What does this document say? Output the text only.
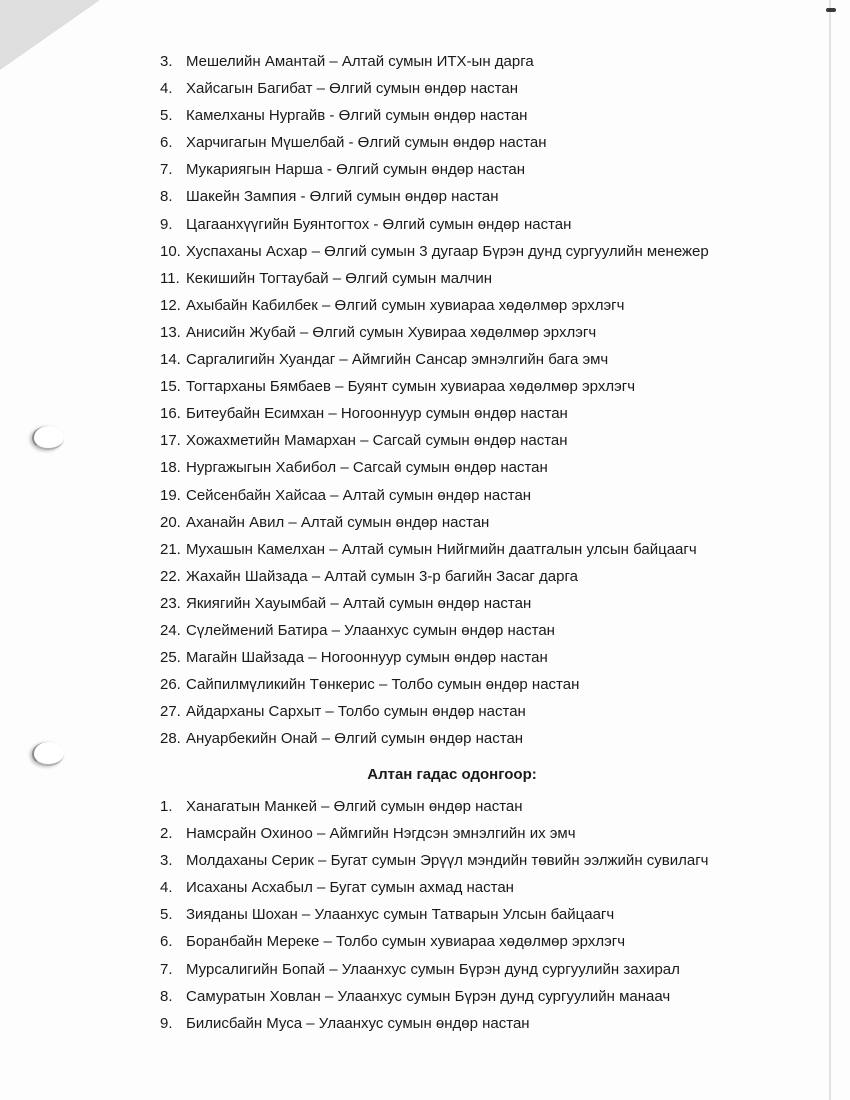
3. Мешелийн Амантай – Алтай сумын ИТХ-ын дарга
4. Хайсагын Багибат – Өлгий сумын өндөр настан
5. Камелханы Нургайв - Өлгий сумын өндөр настан
6. Харчигагын Мүшелбай - Өлгий сумын өндөр настан
7. Мукариягын Нарша - Өлгий сумын өндөр настан
8. Шакейн Зампия - Өлгий сумын өндөр настан
9. Цагаанхүүгийн Буянтогтох - Өлгий сумын өндөр настан
10. Хуспаханы Асхар – Өлгий сумын 3 дугаар Бүрэн дунд сургуулийн менежер
11. Кекишийн Тогтаубай – Өлгий сумын малчин
12. Ахыбайн Кабилбек – Өлгий сумын хувиараа хөдөлмөр эрхлэгч
13. Анисийн Жубай – Өлгий сумын Хувираа хөдөлмөр эрхлэгч
14. Саргалигийн Хуандаг – Аймгийн Сансар эмнэлгийн бага эмч
15. Тогтарханы Бямбаев – Буянт сумын хувиараа хөдөлмөр эрхлэгч
16. Битеубайн Есимхан – Ногооннуур сумын өндөр настан
17. Хожахметийн Мамархан – Сагсай сумын өндөр настан
18. Нургажыгын Хабибол – Сагсай сумын өндөр настан
19. Сейсенбайн Хайсаа – Алтай сумын өндөр настан
20. Аханайн Авил – Алтай сумын өндөр настан
21. Мухашын Камелхан – Алтай сумын Нийгмийн даатгалын улсын байцаагч
22. Жахайн Шайзада – Алтай сумын 3-р багийн Засаг дарга
23. Якиягийн Хауымбай – Алтай сумын өндөр настан
24. Сүлеймений Батира – Улаанхус сумын өндөр настан
25. Магайн Шайзада – Ногооннуур сумын өндөр настан
26. Сайпилмүликийн Төнкерис – Толбо сумын өндөр настан
27. Айдарханы Сархыт – Толбо сумын өндөр настан
28. Ануарбекийн Онай – Өлгий сумын өндөр настан
Алтан гадас одонгоор:
1. Ханагатын Манкей – Өлгий сумын өндөр настан
2. Намсрайн Охиноо – Аймгийн Нэгдсэн эмнэлгийн их эмч
3. Молдаханы Серик – Бугат сумын Эрүүл мэндийн төвийн ээлжийн сувилагч
4. Исаханы Асхабыл – Бугат сумын ахмад настан
5. Зияданы Шохан – Улаанхус сумын Татварын Улсын байцаагч
6. Боранбайн Мереке – Толбо сумын хувиараа хөдөлмөр эрхлэгч
7. Мурсалигийн Бопай – Улаанхус сумын Бүрэн дунд сургуулийн захирал
8. Самуратын Ховлан – Улаанхус сумын Бүрэн дунд сургуулийн манаач
9. Билисбайн Муса – Улаанхус сумын өндөр настан
